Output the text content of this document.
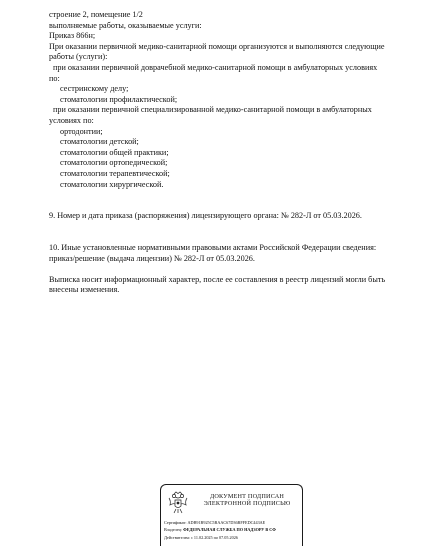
строение 2, помещение 1/2

выполняемые работы, оказываемые услуги:

Приказ 866н;

При оказании первичной медико-санитарной помощи организуются и выполняются следующие

работы (услуги):

при оказании первичной доврачебной медико-санитарной помощи в амбулаторных условиях

по:

сестринскому делу;

стоматологии профилактической;

при оказании первичной специализированной медико-санитарной помощи в амбулаторных

условиях по:

ортодонтии;

стоматологии детской;

стоматологии общей практики;

стоматологии ортопедической;

стоматологии терапевтической;

стоматологии хирургической.

9. Номер и дата приказа (распоряжения) лицензирующего органа: № 282-Л от 05.03.2026.

10. Иные установленные нормативными правовыми актами Российской Федерации сведения:

приказ/решение (выдача лицензии) № 282-Л от 05.03.2026.

Выписка носит информационный характер, после ее составления в реестр лицензий могли быть

внесены изменения.

ДОКУМЕНТ ПОДПИСАН
ЭЛЕКТРОННОЙ ПОДПИСЬЮ
Сертификат: ADB91B925C5BAAC67D36BFFEDC443AE
Владелец: ФЕДЕРАЛЬНАЯ СЛУЖБА ПО НАДЗОРУ В СФ
Действителен: с 11.02.2025 по 07.05.2026
